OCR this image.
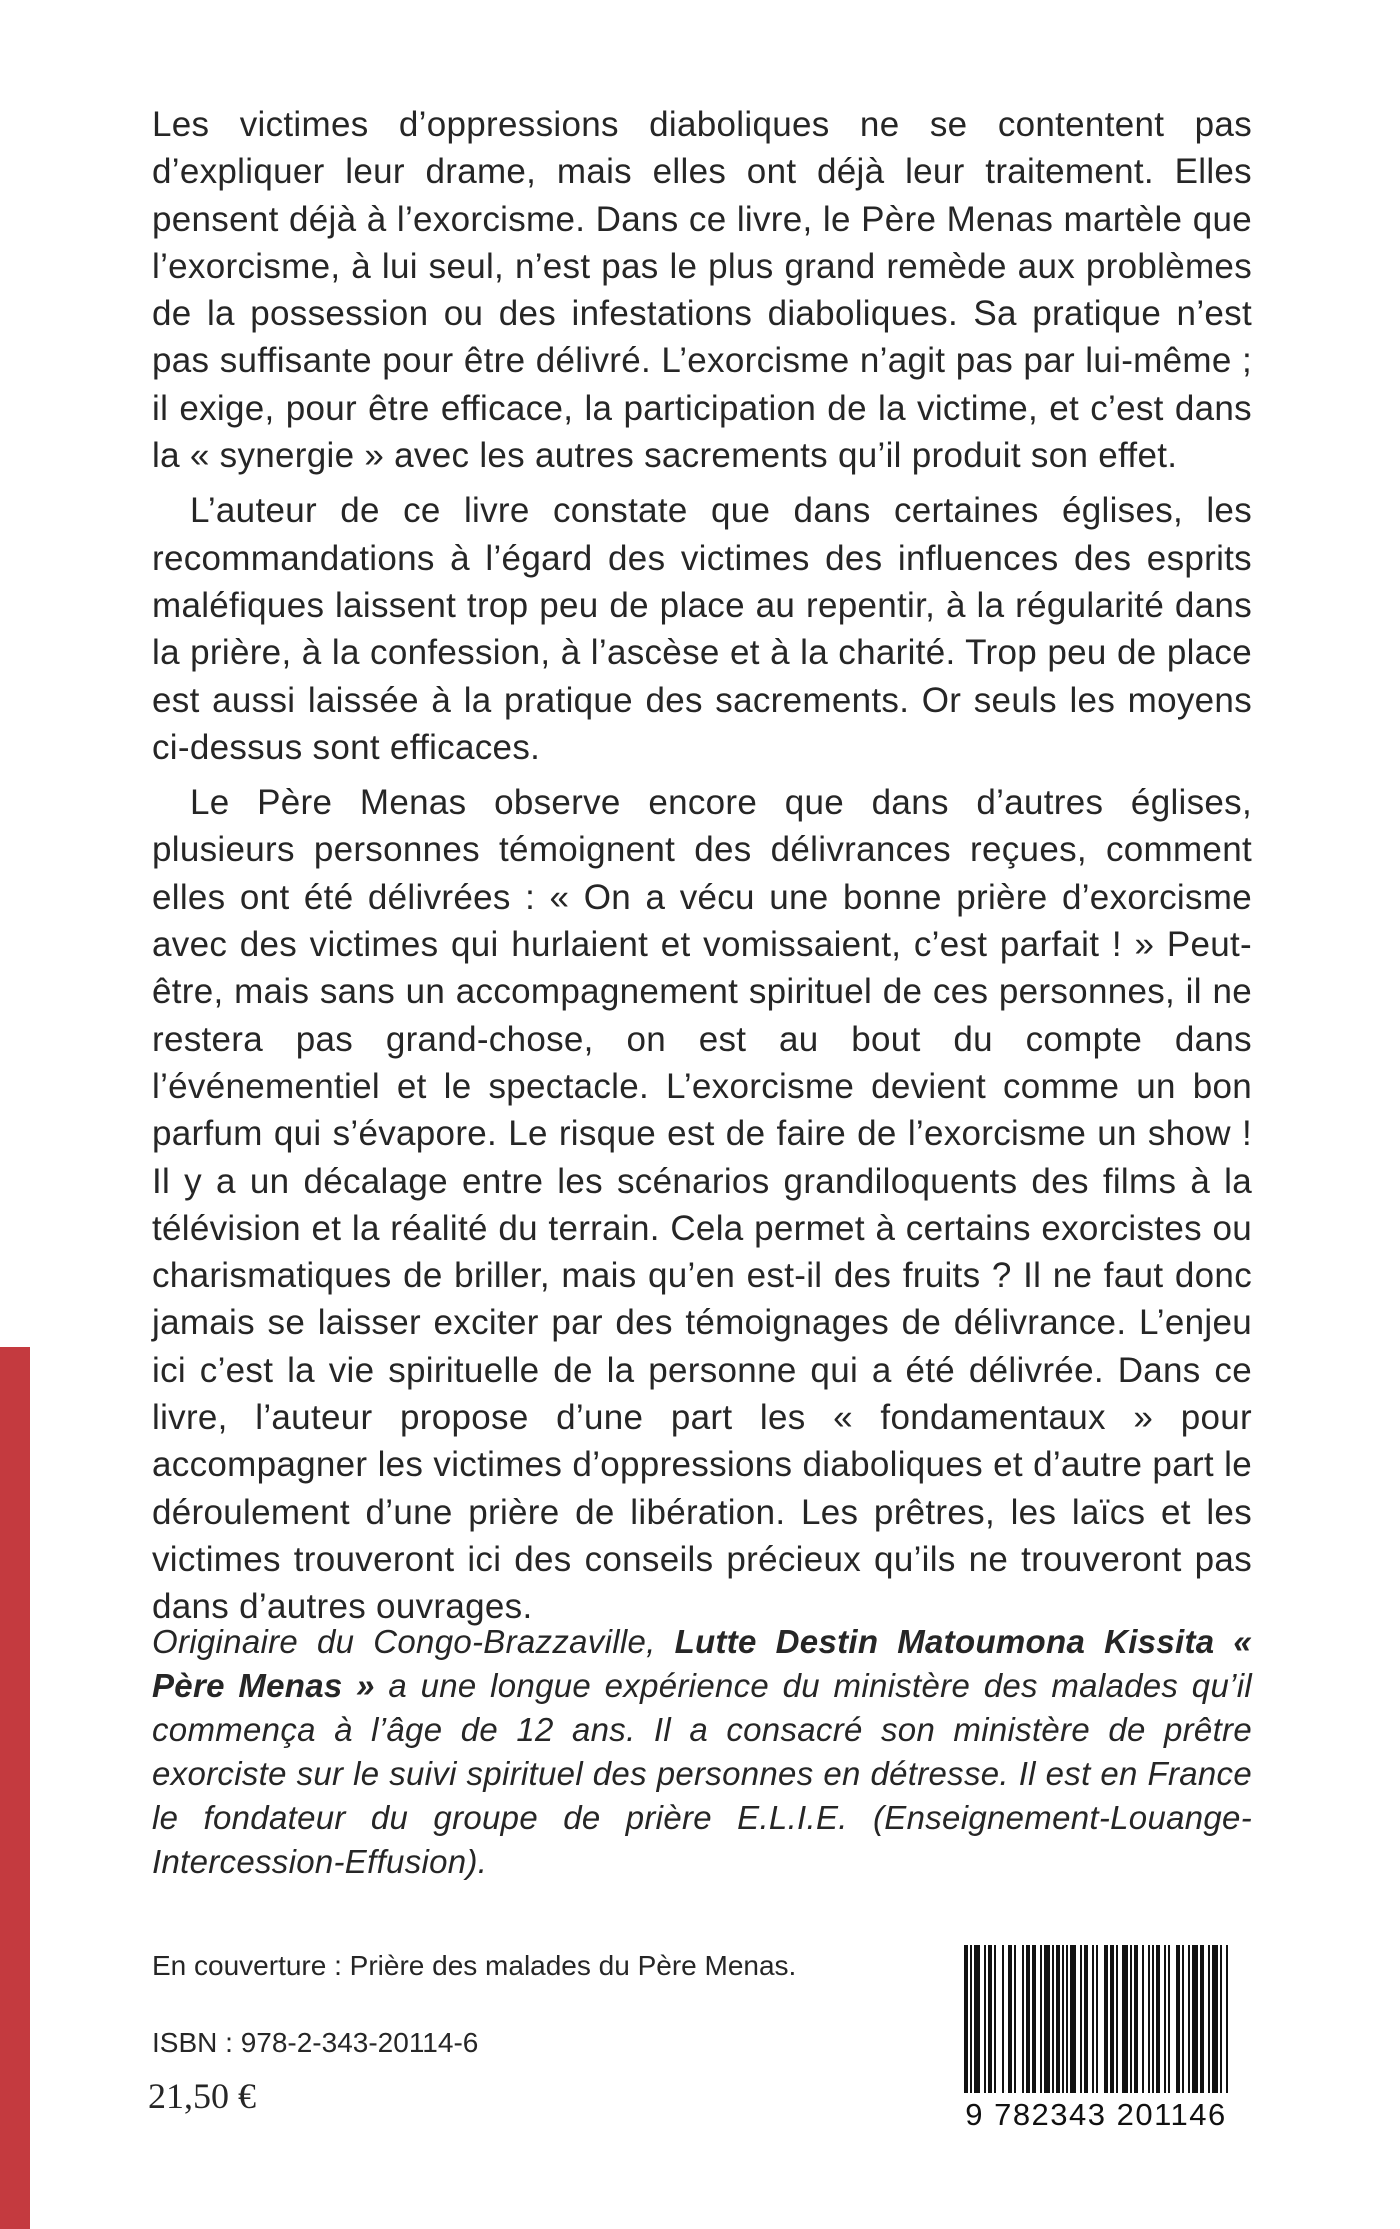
Les victimes d’oppressions diaboliques ne se contentent pas d’expliquer leur drame, mais elles ont déjà leur traitement. Elles pensent déjà à l’exorcisme. Dans ce livre, le Père Menas martèle que l’exorcisme, à lui seul, n’est pas le plus grand remède aux problèmes de la possession ou des infestations diaboliques. Sa pratique n’est pas suffisante pour être délivré. L’exorcisme n’agit pas par lui-même ; il exige, pour être efficace, la participation de la victime, et c’est dans la « synergie » avec les autres sacrements qu’il produit son effet.

L’auteur de ce livre constate que dans certaines églises, les recommandations à l’égard des victimes des influences des esprits maléfiques laissent trop peu de place au repentir, à la régularité dans la prière, à la confession, à l’ascèse et à la charité. Trop peu de place est aussi laissée à la pratique des sacrements. Or seuls les moyens ci-dessus sont efficaces.

Le Père Menas observe encore que dans d’autres églises, plusieurs personnes témoignent des délivrances reçues, comment elles ont été délivrées : « On a vécu une bonne prière d’exorcisme avec des victimes qui hurlaient et vomissaient, c’est parfait ! » Peut-être, mais sans un accompagnement spirituel de ces personnes, il ne restera pas grand-chose, on est au bout du compte dans l’événementiel et le spectacle. L’exorcisme devient comme un bon parfum qui s’évapore. Le risque est de faire de l’exorcisme un show ! Il y a un décalage entre les scénarios grandiloquents des films à la télévision et la réalité du terrain. Cela permet à certains exorcistes ou charismatiques de briller, mais qu’en est-il des fruits ? Il ne faut donc jamais se laisser exciter par des témoignages de délivrance. L’enjeu ici c’est la vie spirituelle de la personne qui a été délivrée. Dans ce livre, l’auteur propose d’une part les « fondamentaux » pour accompagner les victimes d’oppressions diaboliques et d’autre part le déroulement d’une prière de libération. Les prêtres, les laïcs et les victimes trouveront ici des conseils précieux qu’ils ne trouveront pas dans d’autres ouvrages.

Originaire du Congo-Brazzaville, Lutte Destin Matoumona Kissita « Père Menas » a une longue expérience du ministère des malades qu’il commença à l’âge de 12 ans. Il a consacré son ministère de prêtre exorciste sur le suivi spirituel des personnes en détresse. Il est en France le fondateur du groupe de prière E.L.I.E. (Enseignement-Louange-Intercession-Effusion).

En couverture : Prière des malades du Père Menas.

ISBN : 978-2-343-20114-6

21,50 €	9 782343 201146
